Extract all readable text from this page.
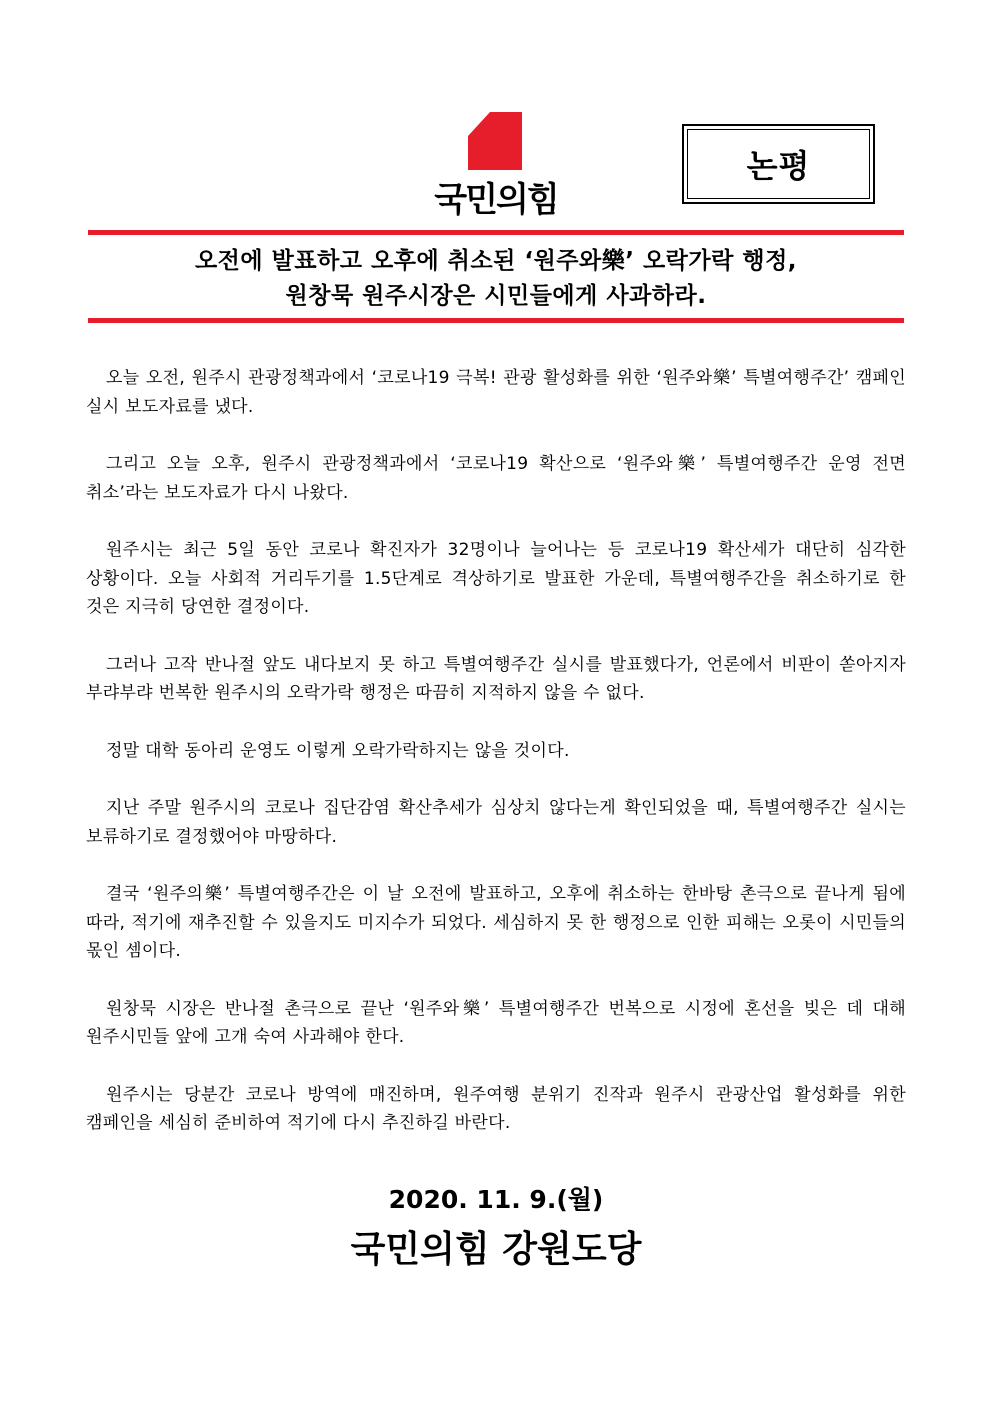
국민의힘
논평
오전에 발표하고 오후에 취소된 ‘원주와樂’ 오락가락 행정,
원창묵 원주시장은 시민들에게 사과하라.

오늘 오전, 원주시 관광정책과에서 ‘코로나19 극복! 관광 활성화를 위한 ‘원주와樂’ 특별여행주간’ 캠페인 실시 보도자료를 냈다.

그리고 오늘 오후, 원주시 관광정책과에서 ‘코로나19 확산으로 ‘원주와樂’ 특별여행주간 운영 전면 취소’라는 보도자료가 다시 나왔다.

원주시는 최근 5일 동안 코로나 확진자가 32명이나 늘어나는 등 코로나19 확산세가 대단히 심각한 상황이다. 오늘 사회적 거리두기를 1.5단계로 격상하기로 발표한 가운데, 특별여행주간을 취소하기로 한 것은 지극히 당연한 결정이다.

그러나 고작 반나절 앞도 내다보지 못 하고 특별여행주간 실시를 발표했다가, 언론에서 비판이 쏟아지자 부랴부랴 번복한 원주시의 오락가락 행정은 따끔히 지적하지 않을 수 없다.

정말 대학 동아리 운영도 이렇게 오락가락하지는 않을 것이다.

지난 주말 원주시의 코로나 집단감염 확산추세가 심상치 않다는게 확인되었을 때, 특별여행주간 실시는 보류하기로 결정했어야 마땅하다.

결국 ‘원주의樂’ 특별여행주간은 이 날 오전에 발표하고, 오후에 취소하는 한바탕 촌극으로 끝나게 됨에 따라, 적기에 재추진할 수 있을지도 미지수가 되었다. 세심하지 못 한 행정으로 인한 피해는 오롯이 시민들의 몫인 셈이다.

원창묵 시장은 반나절 촌극으로 끝난 ‘원주와樂’ 특별여행주간 번복으로 시정에 혼선을 빚은 데 대해 원주시민들 앞에 고개 숙여 사과해야 한다.

원주시는 당분간 코로나 방역에 매진하며, 원주여행 분위기 진작과 원주시 관광산업 활성화를 위한 캠페인을 세심히 준비하여 적기에 다시 추진하길 바란다.

2020. 11. 9.(월)
국민의힘 강원도당
